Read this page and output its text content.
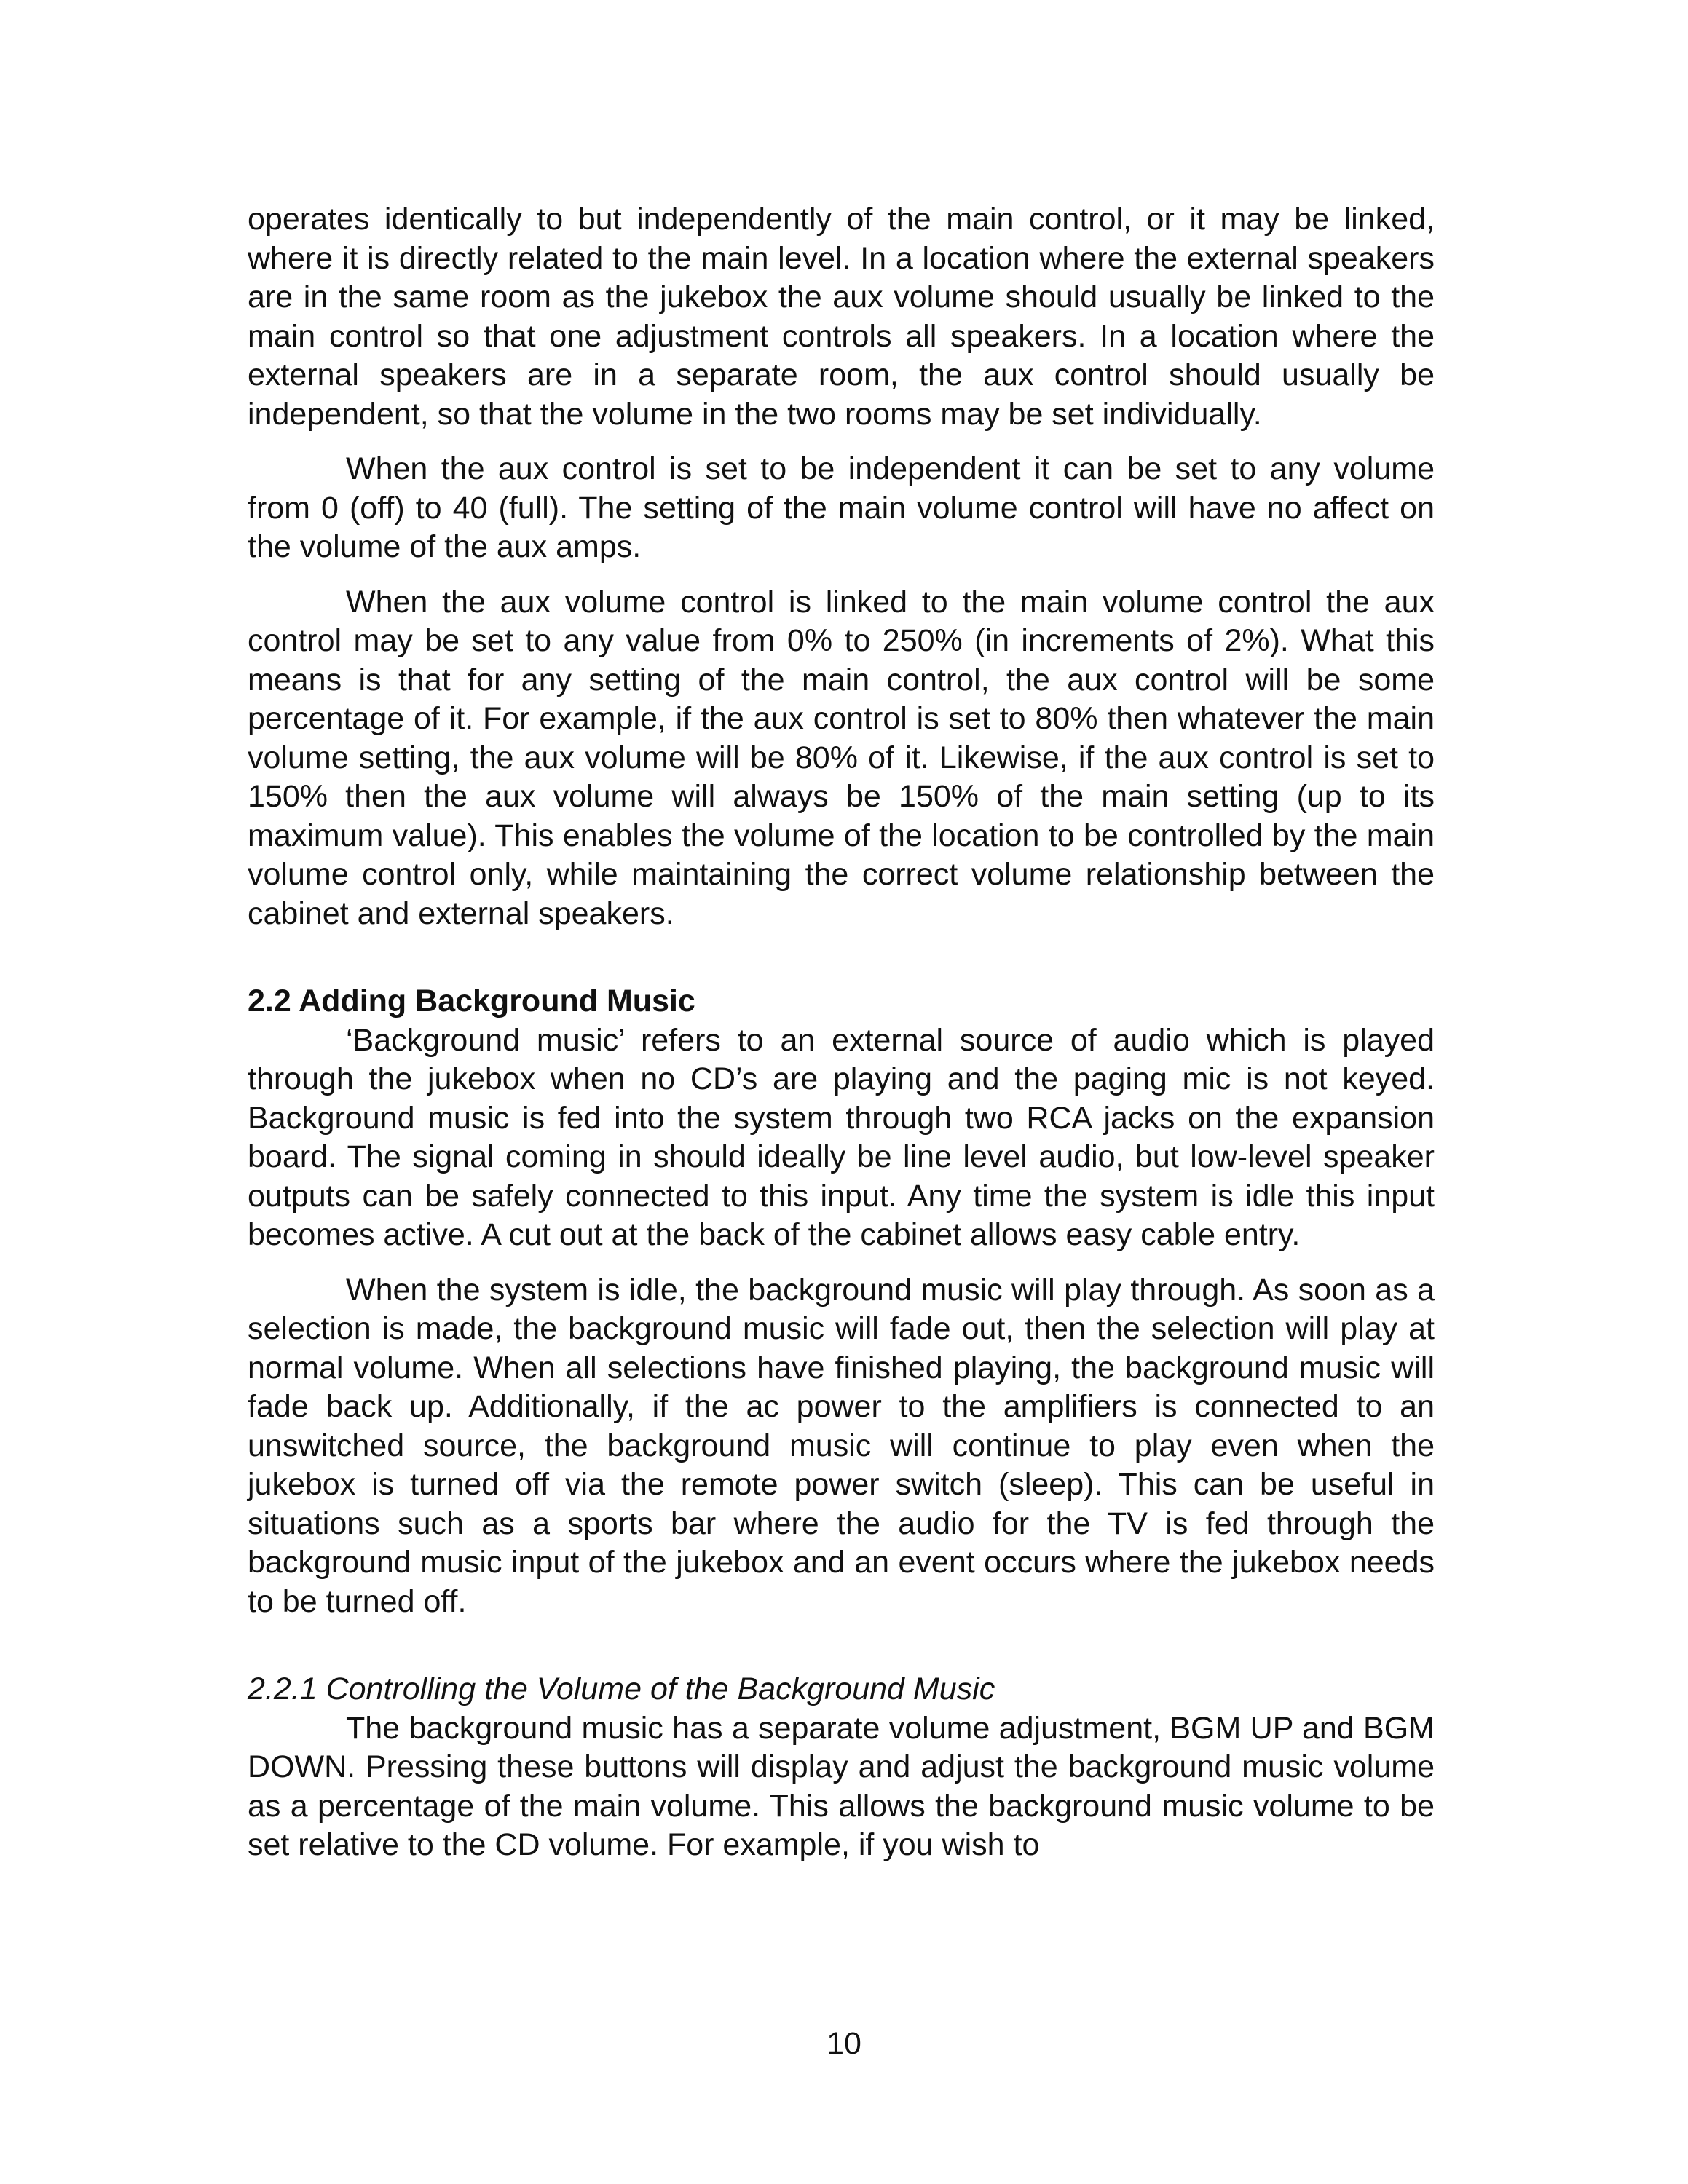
operates identically to but independently of the main control, or it may be linked, where it is directly related to the main level. In a location where the external speakers are in the same room as the jukebox the aux volume should usually be linked to the main control so that one adjustment controls all speakers. In a location where the external speakers are in a separate room, the aux control should usually be independent, so that the volume in the two rooms may be set individually.

When the aux control is set to be independent it can be set to any volume from 0 (off) to 40 (full). The setting of the main volume control will have no affect on the volume of the aux amps.

When the aux volume control is linked to the main volume control the aux control may be set to any value from 0% to 250% (in increments of 2%). What this means is that for any setting of the main control, the aux control will be some percentage of it. For example, if the aux control is set to 80% then whatever the main volume setting, the aux volume will be 80% of it. Likewise, if the aux control is set to 150% then the aux volume will always be 150% of the main setting (up to its maximum value). This enables the volume of the location to be controlled by the main volume control only, while maintaining the correct volume relationship between the cabinet and external speakers.

2.2 Adding Background Music

‘Background music’ refers to an external source of audio which is played through the jukebox when no CD’s are playing and the paging mic is not keyed. Background music is fed into the system through two RCA jacks on the expansion board. The signal coming in should ideally be line level audio, but low-level speaker outputs can be safely connected to this input. Any time the system is idle this input becomes active. A cut out at the back of the cabinet allows easy cable entry.

When the system is idle, the background music will play through. As soon as a selection is made, the background music will fade out, then the selection will play at normal volume. When all selections have finished playing, the background music will fade back up. Additionally, if the ac power to the amplifiers is connected to an unswitched source, the background music will continue to play even when the jukebox is turned off via the remote power switch (sleep). This can be useful in situations such as a sports bar where the audio for the TV is fed through the background music input of the jukebox and an event occurs where the jukebox needs to be turned off.

2.2.1 Controlling the Volume of the Background Music

The background music has a separate volume adjustment, BGM UP and BGM DOWN. Pressing these buttons will display and adjust the background music volume as a percentage of the main volume. This allows the background music volume to be set relative to the CD volume. For example, if you wish to

10
